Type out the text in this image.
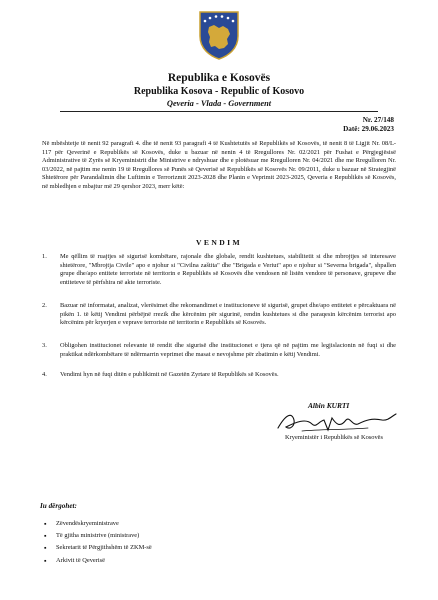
Republika e Kosovës
Republika Kosova - Republic of Kosovo
Qeveria - Vlada - Government
Nr. 27/148
Datë: 29.06.2023
Në mbështetje të nenit 92 paragrafi 4. dhe të nenit 93 paragrafi 4 të Kushtetutës së Republikës së Kosovës, të nenit 8 të Ligjit Nr. 08/L-117 për Qeverinë e Republikës së Kosovës, duke u bazuar në nenin 4 të Rregullores Nr. 02/2021 për Fushat e Përgjegjësisë Administrative të Zyrës së Kryeministrit dhe Ministrive e ndryshuar dhe e plotësuar me Rregulloren Nr. 04/2021 dhe me Rregulloren Nr. 03/2022, në pajtim me nenin 19 të Rregullores së Punës së Qeverisë së Republikës së Kosovës Nr. 09/2011, duke u bazuar në Strategjinë Shtetërore për Parandalimin dhe Luftimin e Terrorizmit 2023-2028 dhe Planin e Veprimit 2023-2025, Qeveria e Republikës së Kosovës, në mbledhjen e mbajtur më 29 qershor 2023, merr këtë:
VENDIM
1.	Me qëllim të ruajtjes së sigurisë kombëtare, rajonale dhe globale, rendit kushtetues, stabilitetit si dhe mbrojtjes së interesave shtetërore, "Mbrojtja Civile" apo e njohur si "Civilna zaštita" dhe "Brigada e Veriut" apo e njohur si "Severna brigada", shpallen grupe dhe/apo entitete terroriste në territorin e Republikës së Kosovës dhe vendosen në listën vendore të personave, grupeve dhe entiteteve të përfshira në akte terroriste.
2.	Bazuar në informatat, analizat, vlerësimet dhe rekomandimet e institucioneve të sigurisë, grupet dhe/apo entitetet e përcaktuara në pikën 1. të këtij Vendimi përbëjnë rrezik dhe kërcënim për sigurinë, rendin kushtetues si dhe paraqesin kërcënim terrorist apo kërcënim për kryerjen e veprave terroriste në territorin e Republikës së Kosovës.
3.	Obligohen institucionet relevante të rendit dhe sigurisë dhe institucionet e tjera që në pajtim me legjislacionin në fuqi si dhe praktikat ndërkombëtare të ndërmarrin veprimet dhe masat e nevojshme për zbatimin e këtij Vendimi.
4.	Vendimi hyn në fuqi ditën e publikimit në Gazetën Zyrtare të Republikës së Kosovës.
Albin KURTI
Kryeministër i Republikës së Kosovës
Iu dërgohet:
▪ Zëvendëskryeministrave
▪ Të gjitha ministrive (ministrave)
▪ Sekretarit të Përgjithshëm të ZKM-së
▪ Arkivit të Qeverisë
